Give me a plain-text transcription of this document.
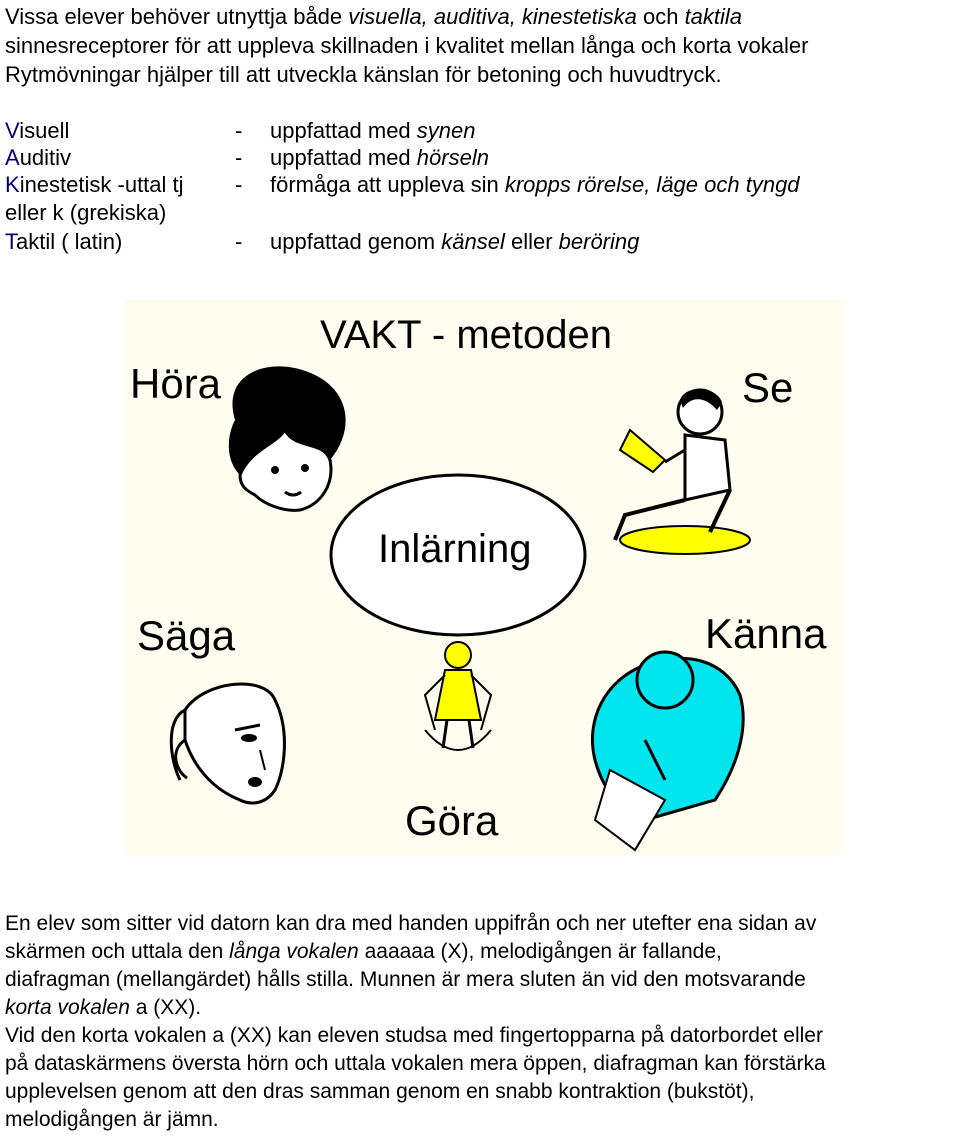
Vissa elever behöver utnyttja både visuella, auditiva, kinestetiska och taktila

sinnesreceptorer för att uppleva skillnaden i kvalitet mellan långa och korta vokaler

Rytmövningar hjälper till att utveckla känslan för betoning och huvudtryck.

Visuell	- uppfattad med synen
Auditiv	- uppfattad med hörseln
Kinestetisk -uttal tj - förmåga att uppleva sin kropps rörelse, läge och tyngd
eller k (grekiska)
Taktil ( latin)	- uppfattad genom känsel eller beröring
VAKT - metoden
Höra	Se
Säga	Känna
Göra
Inlärning

En elev som sitter vid datorn kan dra med handen uppifrån och ner utefter ena sidan av

skärmen och uttala den långa vokalen aaaaaa (X), melodigången är fallande,

diafragman (mellangärdet) hålls stilla. Munnen är mera sluten än vid den motsvarande

korta vokalen a (XX).

Vid den korta vokalen a (XX) kan eleven studsa med fingertopparna på datorbordet eller

på dataskärmens översta hörn och uttala vokalen mera öppen, diafragman kan förstärka

upplevelsen genom att den dras samman genom en snabb kontraktion (bukstöt),

melodigången är jämn.
